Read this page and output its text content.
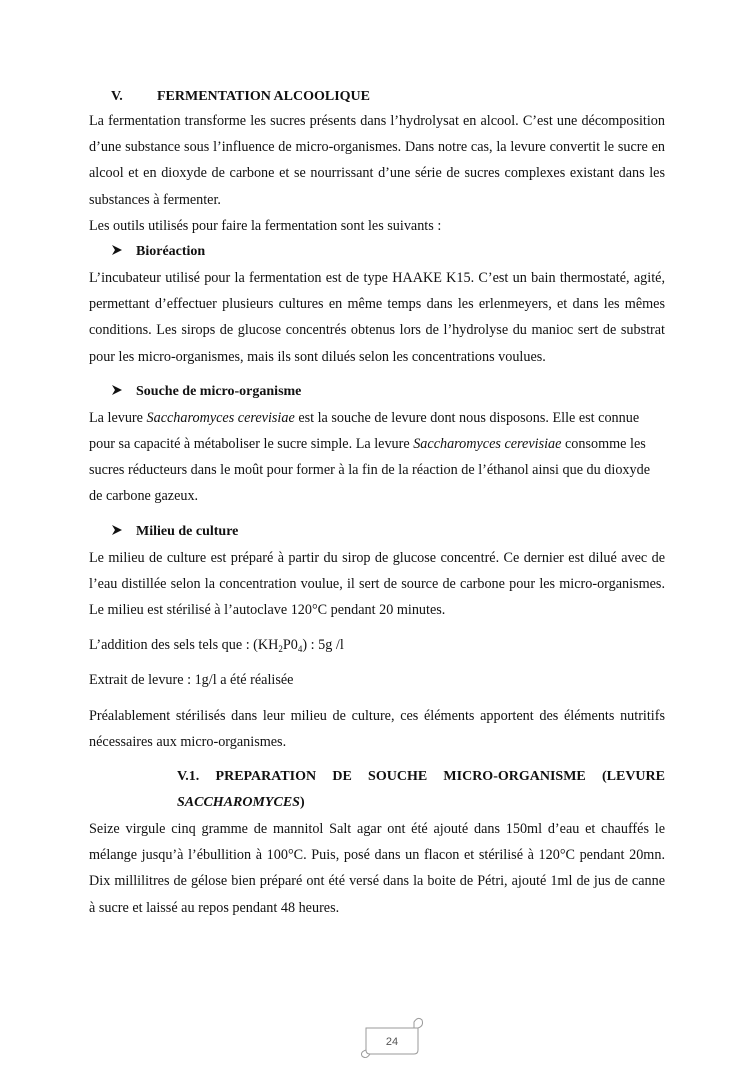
V.	FERMENTATION ALCOOLIQUE

La fermentation transforme les sucres présents dans l’hydrolysat en alcool. C’est une décomposition d’une substance sous l’influence de micro-organismes. Dans notre cas, la levure convertit le sucre en alcool et en dioxyde de carbone et se nourrissant d’une série de sucres complexes existant dans les substances à fermenter.

Les outils utilisés pour faire la fermentation sont les suivants :

Bioréaction

L’incubateur utilisé pour la fermentation est de type HAAKE K15. C’est un bain thermostaté, agité, permettant d’effectuer plusieurs cultures en même temps dans les erlenmeyers, et dans les mêmes conditions. Les sirops de glucose concentrés obtenus lors de l’hydrolyse du manioc sert de substrat pour les micro-organismes, mais ils sont dilués selon les concentrations voulues.

Souche de micro-organisme

La levure Saccharomyces cerevisiae est la souche de levure dont nous disposons. Elle est connue pour sa capacité à métaboliser le sucre simple. La levure Saccharomyces cerevisiae consomme les sucres réducteurs dans le moût pour former à la fin de la réaction de l’éthanol ainsi que du dioxyde de carbone gazeux.

Milieu de culture

Le milieu de culture est préparé à partir du sirop de glucose concentré. Ce dernier est dilué avec de l’eau distillée selon la concentration voulue, il sert de source de carbone pour les micro-organismes. Le milieu est stérilisé à l’autoclave 120°C pendant 20 minutes.

L’addition des sels tels que : $(KH_2P0_4)$ : 5g /l

Extrait de levure : 1g/l a été réalisée

Préalablement stérilisés dans leur milieu de culture, ces éléments apportent des éléments nutritifs nécessaires aux micro-organismes.

V.1. PREPARATION DE SOUCHE MICRO-ORGANISME (LEVURE SACCHAROMYCES)

Seize virgule cinq gramme de mannitol Salt agar ont été ajouté dans 150ml d’eau et chauffés le mélange jusqu’à l’ébullition à 100°C. Puis, posé dans un flacon et stérilisé à 120°C pendant 20mn. Dix millilitres de gélose bien préparé ont été versé dans la boite de Pétri, ajouté 1ml de jus de canne à sucre et laissé au repos pendant 48 heures.

24
